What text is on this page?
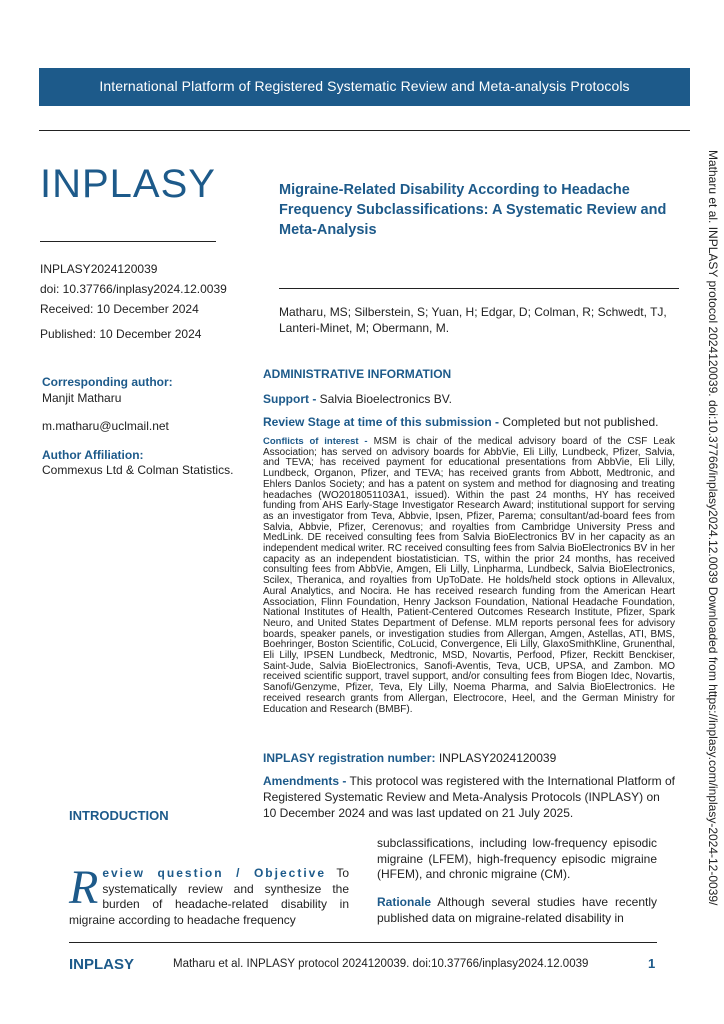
International Platform of Registered Systematic Review and Meta-analysis Protocols
INPLASY
INPLASY2024120039
doi: 10.37766/inplasy2024.12.0039
Received: 10 December 2024
Published: 10 December 2024
Corresponding author:
Manjit Matharu
m.matharu@uclmail.net
Author Affiliation:
Commexus Ltd & Colman Statistics.
Migraine-Related Disability According to Headache Frequency Subclassifications: A Systematic Review and Meta-Analysis
Matharu, MS; Silberstein, S; Yuan, H; Edgar, D; Colman, R; Schwedt, TJ, Lanteri-Minet, M; Obermann, M.
ADMINISTRATIVE INFORMATION
Support - Salvia Bioelectronics BV.
Review Stage at time of this submission - Completed but not published.
Conflicts of interest - MSM is chair of the medical advisory board of the CSF Leak Association; has served on advisory boards for AbbVie, Eli Lilly, Lundbeck, Pfizer, Salvia, and TEVA; has received payment for educational presentations from AbbVie, Eli Lilly, Lundbeck, Organon, Pfizer, and TEVA; has received grants from Abbott, Medtronic, and Ehlers Danlos Society; and has a patent on system and method for diagnosing and treating headaches (WO2018051103A1, issued). Within the past 24 months, HY has received funding from AHS Early-Stage Investigator Research Award; institutional support for serving as an investigator from Teva, Abbvie, Ipsen, Pfizer, Parema; consultant/ad-board fees from Salvia, Abbvie, Pfizer, Cerenovus; and royalties from Cambridge University Press and MedLink. DE received consulting fees from Salvia BioElectronics BV in her capacity as an independent medical writer. RC received consulting fees from Salvia BioElectronics BV in her capacity as an independent biostatistician. TS, within the prior 24 months, has received consulting fees from AbbVie, Amgen, Eli Lilly, Linpharma, Lundbeck, Salvia BioElectronics, Scilex, Theranica, and royalties from UpToDate. He holds/held stock options in Allevalux, Aural Analytics, and Nocira. He has received research funding from the American Heart Association, Flinn Foundation, Henry Jackson Foundation, National Headache Foundation, National Institutes of Health, Patient-Centered Outcomes Research Institute, Pfizer, Spark Neuro, and United States Department of Defense. MLM reports personal fees for advisory boards, speaker panels, or investigation studies from Allergan, Amgen, Astellas, ATI, BMS, Boehringer, Boston Scientific, CoLucid, Convergence, Eli Lilly, GlaxoSmithKline, Grunenthal, Eli Lilly, IPSEN Lundbeck, Medtronic, MSD, Novartis, Perfood, Pfizer, Reckitt Benckiser, Saint-Jude, Salvia BioElectronics, Sanofi-Aventis, Teva, UCB, UPSA, and Zambon. MO received scientific support, travel support, and/or consulting fees from Biogen Idec, Novartis, Sanofi/Genzyme, Pfizer, Teva, Ely Lilly, Noema Pharma, and Salvia BioElectronics. He received research grants from Allergan, Electrocore, Heel, and the German Ministry for Education and Research (BMBF).
INPLASY registration number: INPLASY2024120039
Amendments - This protocol was registered with the International Platform of Registered Systematic Review and Meta-Analysis Protocols (INPLASY) on 10 December 2024 and was last updated on 21 July 2025.
INTRODUCTION
Review question / Objective To systematically review and synthesize the burden of headache-related disability in migraine according to headache frequency
subclassifications, including low-frequency episodic migraine (LFEM), high-frequency episodic migraine (HFEM), and chronic migraine (CM).
Rationale Although several studies have recently published data on migraine-related disability in
Matharu et al. INPLASY protocol 2024120039. doi:10.37766/inplasy2024.12.0039 Downloaded from https://inplasy.com/inplasy-2024-12-0039/
INPLASY	Matharu et al. INPLASY protocol 2024120039. doi:10.37766/inplasy2024.12.0039	1
